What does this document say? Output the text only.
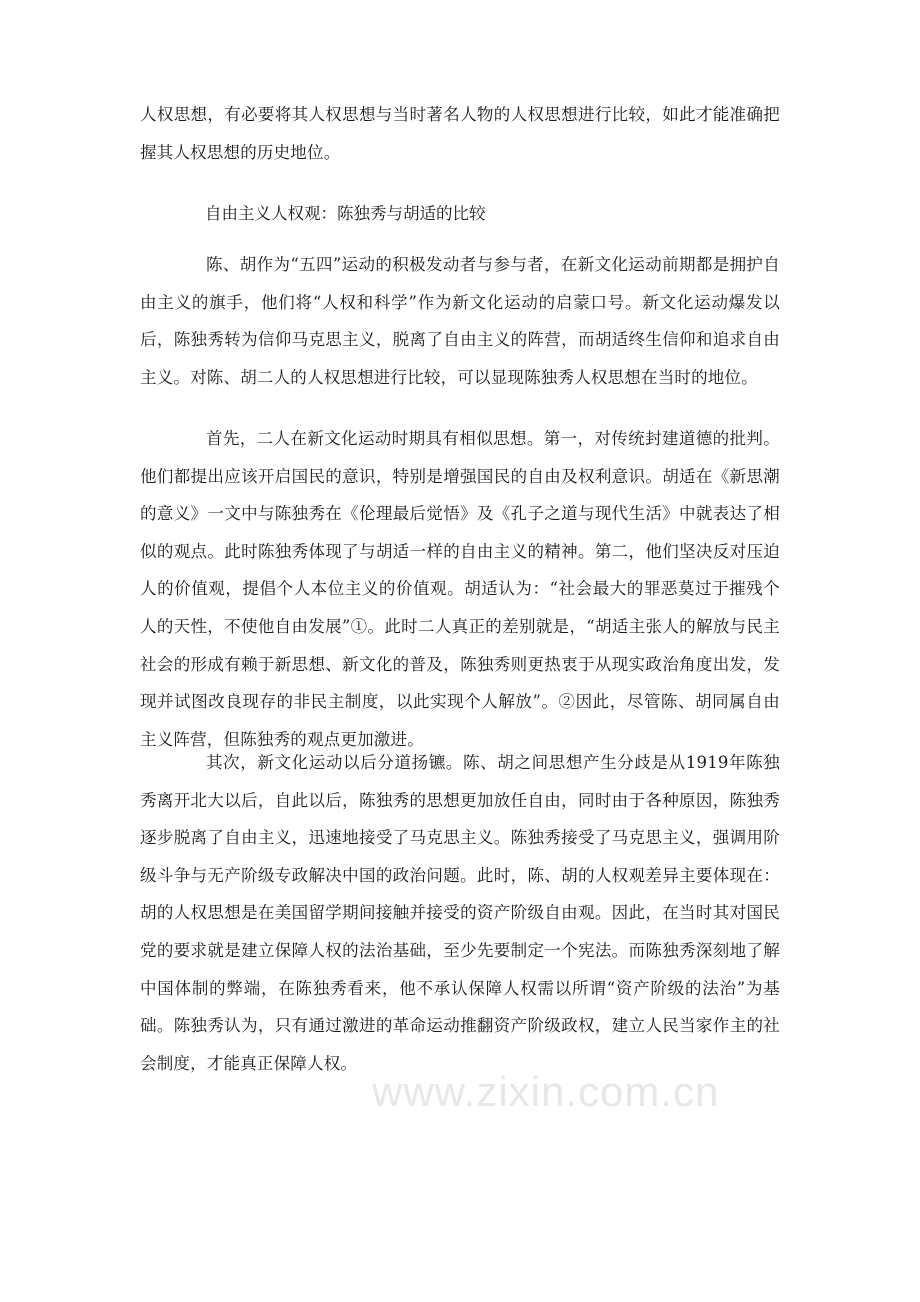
人权思想，有必要将其人权思想与当时著名人物的人权思想进行比较，如此才能准确把握其人权思想的历史地位。

自由主义人权观：陈独秀与胡适的比较

陈、胡作为“五四”运动的积极发动者与参与者，在新文化运动前期都是拥护自由主义的旗手，他们将“人权和科学”作为新文化运动的启蒙口号。新文化运动爆发以后，陈独秀转为信仰马克思主义，脱离了自由主义的阵营，而胡适终生信仰和追求自由主义。对陈、胡二人的人权思想进行比较，可以显现陈独秀人权思想在当时的地位。

首先，二人在新文化运动时期具有相似思想。第一，对传统封建道德的批判。他们都提出应该开启国民的意识，特别是增强国民的自由及权利意识。胡适在《新思潮的意义》一文中与陈独秀在《伦理最后觉悟》及《孔子之道与现代生活》中就表达了相似的观点。此时陈独秀体现了与胡适一样的自由主义的精神。第二，他们坚决反对压迫人的价值观，提倡个人本位主义的价值观。胡适认为：“社会最大的罪恶莫过于摧残个人的天性，不使他自由发展”①。此时二人真正的差别就是，“胡适主张人的解放与民主社会的形成有赖于新思想、新文化的普及，陈独秀则更热衷于从现实政治角度出发，发现并试图改良现存的非民主制度，以此实现个人解放”。②因此，尽管陈、胡同属自由主义阵营，但陈独秀的观点更加激进。

其次，新文化运动以后分道扬镳。陈、胡之间思想产生分歧是从1919年陈独秀离开北大以后，自此以后，陈独秀的思想更加放任自由，同时由于各种原因，陈独秀逐步脱离了自由主义，迅速地接受了马克思主义。陈独秀接受了马克思主义，强调用阶级斗争与无产阶级专政解决中国的政治问题。此时，陈、胡的人权观差异主要体现在：胡的人权思想是在美国留学期间接触并接受的资产阶级自由观。因此，在当时其对国民党的要求就是建立保障人权的法治基础，至少先要制定一个宪法。而陈独秀深刻地了解中国体制的弊端，在陈独秀看来，他不承认保障人权需以所谓“资产阶级的法治”为基础。陈独秀认为，只有通过激进的革命运动推翻资产阶级政权，建立人民当家作主的社会制度，才能真正保障人权。

www.zixin.com.cn
